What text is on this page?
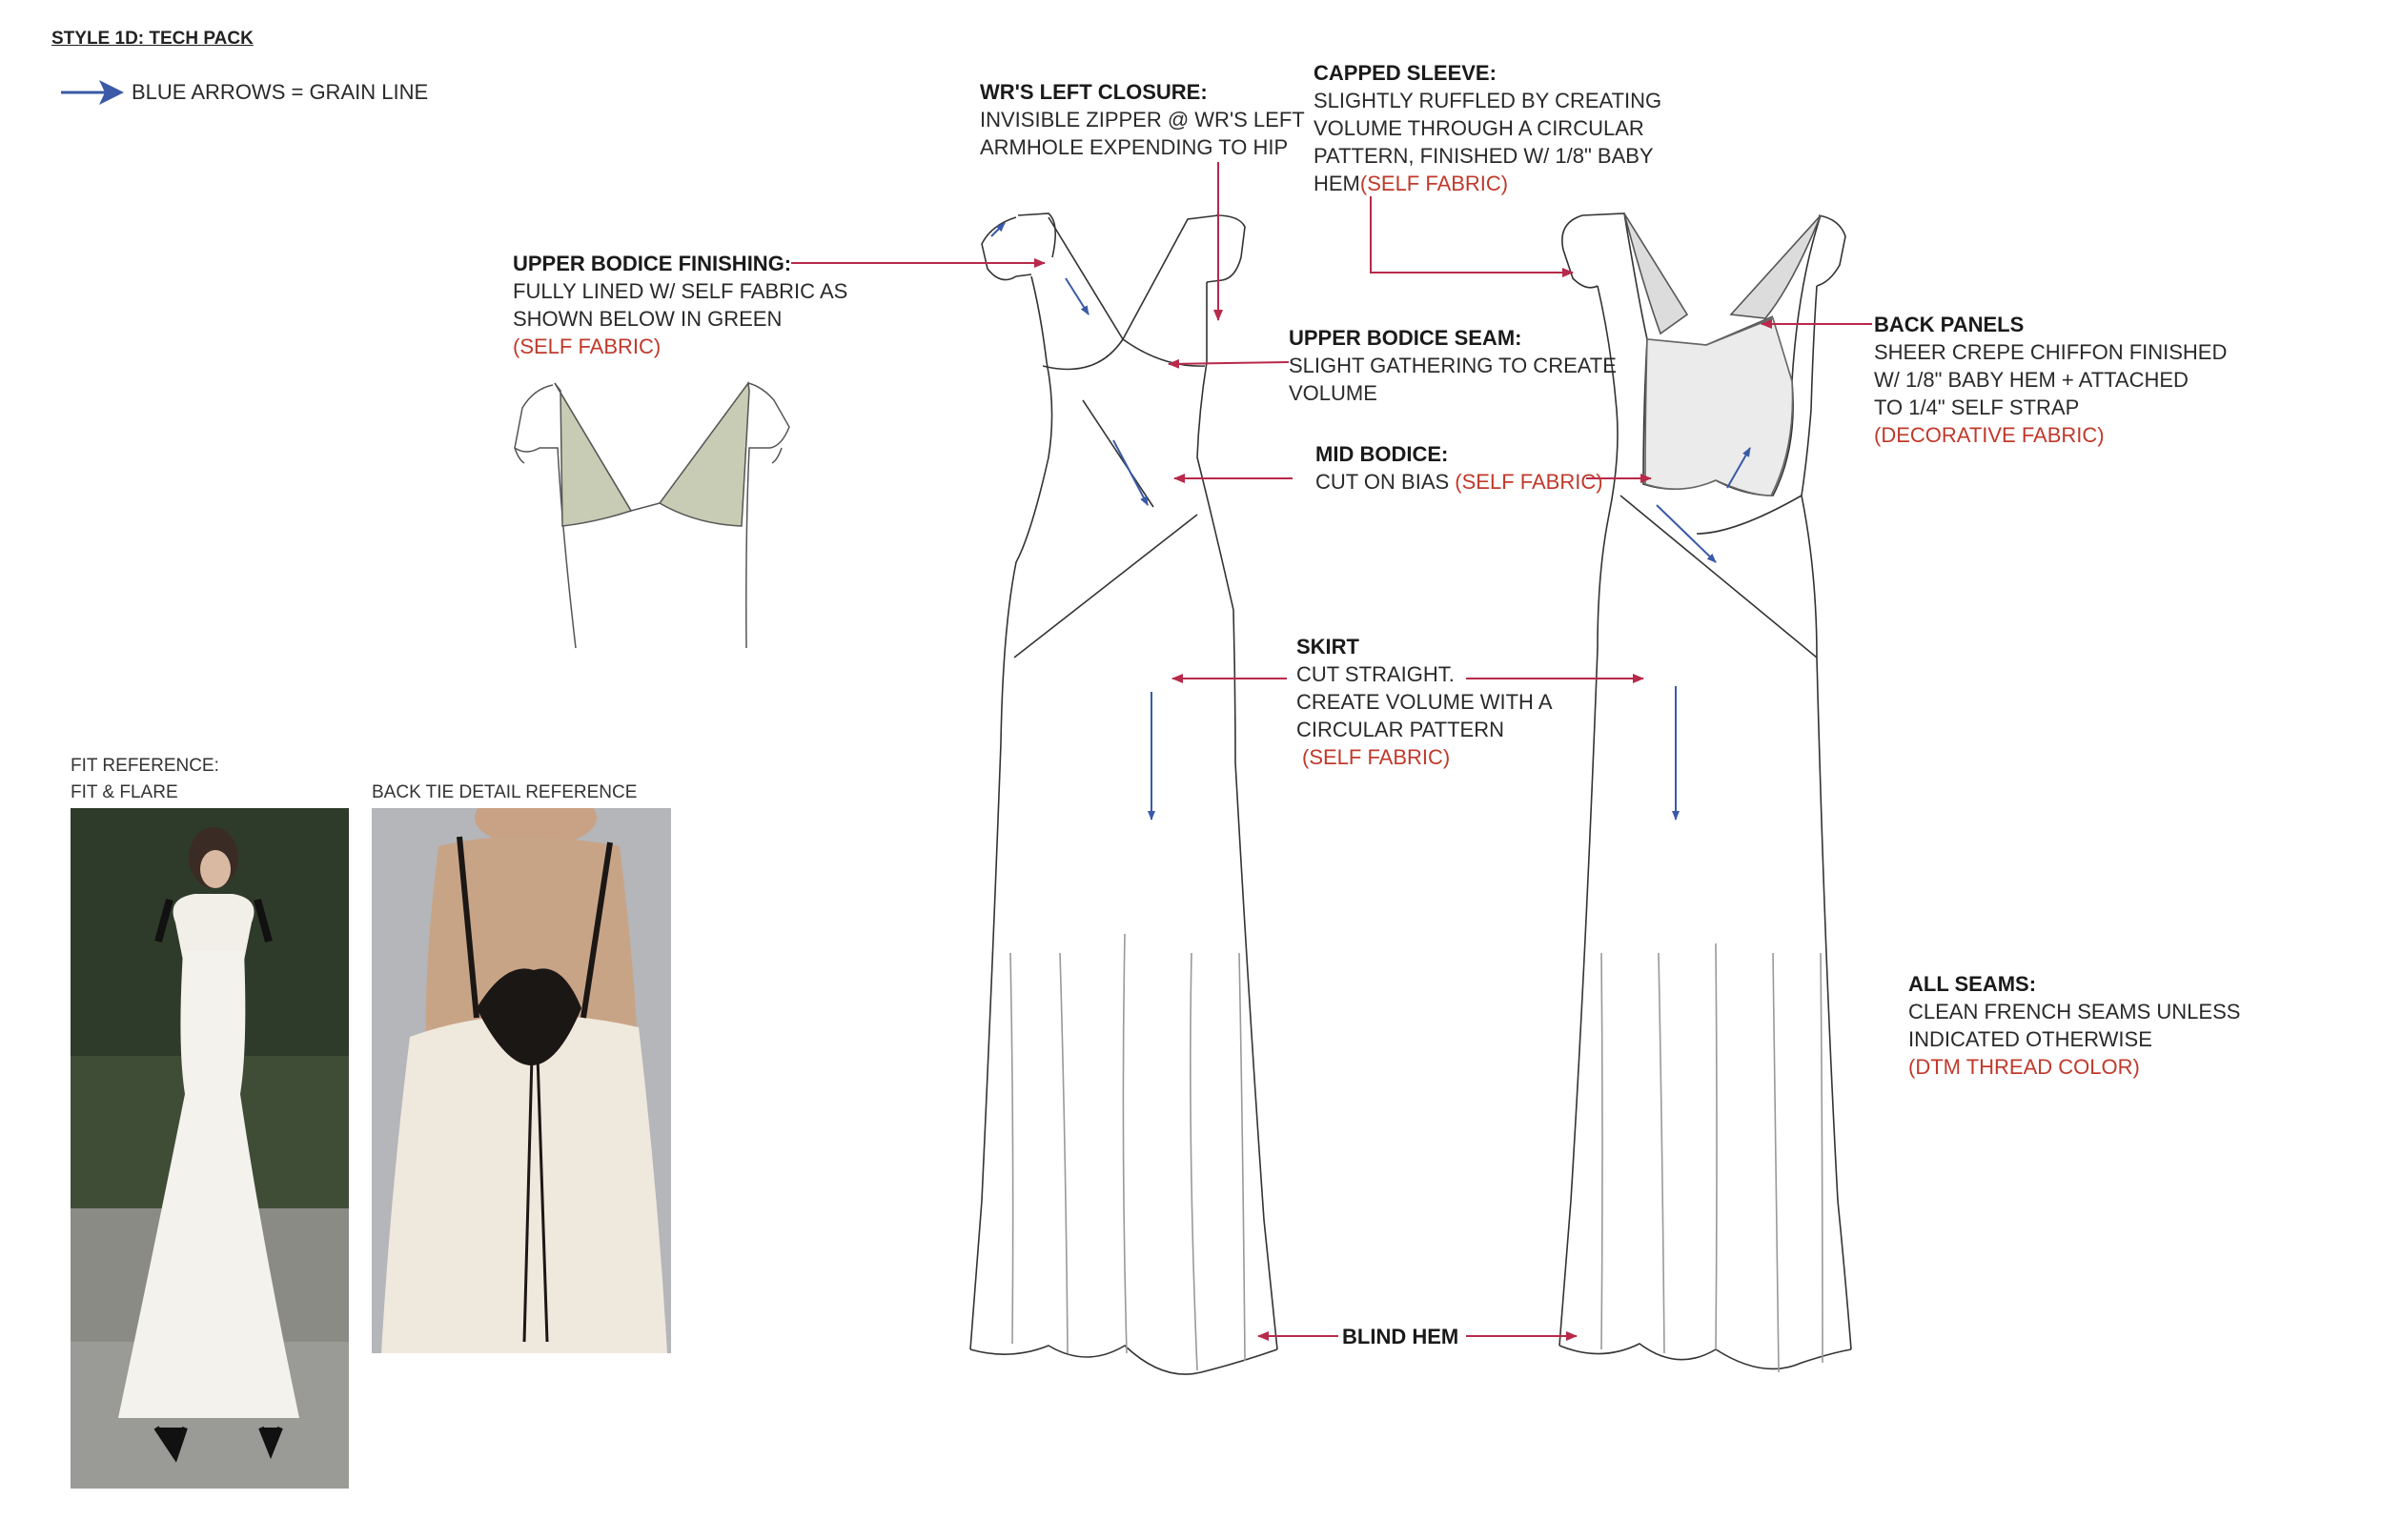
STYLE 1D: TECH PACK
BLUE ARROWS = GRAIN LINE
UPPER BODICE FINISHING:
FULLY LINED W/ SELF FABRIC AS
SHOWN BELOW IN GREEN
(SELF FABRIC)
WR'S LEFT CLOSURE:
INVISIBLE ZIPPER @ WR'S LEFT
ARMHOLE EXPENDING TO HIP
CAPPED SLEEVE:
SLIGHTLY RUFFLED BY CREATING
VOLUME THROUGH A CIRCULAR
PATTERN, FINISHED W/ 1/8" BABY
HEM(SELF FABRIC)
UPPER BODICE SEAM:
SLIGHT GATHERING TO CREATE
VOLUME
BACK PANELS
SHEER CREPE CHIFFON FINISHED
W/ 1/8" BABY HEM + ATTACHED
TO 1/4" SELF STRAP
(DECORATIVE FABRIC)
MID BODICE:
CUT ON BIAS (SELF FABRIC)
SKIRT
CUT STRAIGHT.
CREATE VOLUME WITH A
CIRCULAR PATTERN
(SELF FABRIC)
ALL SEAMS:
CLEAN FRENCH SEAMS UNLESS
INDICATED OTHERWISE
(DTM THREAD COLOR)
BLIND HEM
FIT REFERENCE:
FIT & FLARE	BACK TIE DETAIL REFERENCE
